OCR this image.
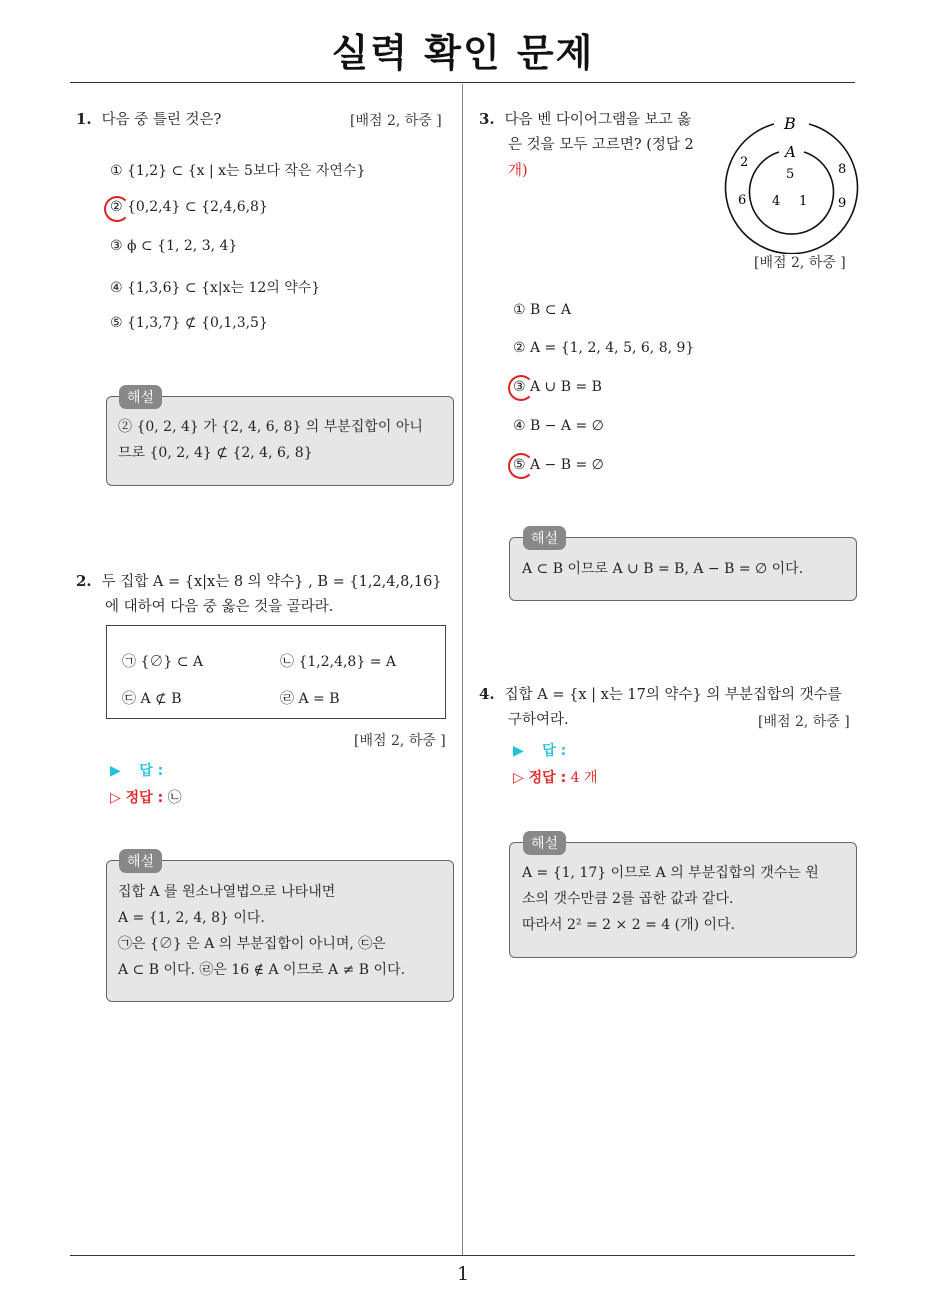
실력 확인 문제
1. 다음 중 틀린 것은?	[배점 2, 하중 ]
① {1,2} ⊂ {x | x는 5보다 작은 자연수}
② {0,2,4} ⊂ {2,4,6,8}
③ ϕ ⊂ {1, 2, 3, 4}
④ {1,3,6} ⊂ {x|x는 12의 약수}
⑤ {1,3,7} ⊄ {0,1,3,5}
해설
② {0, 2, 4} 가 {2, 4, 6, 8} 의 부분집합이 아니
므로 {0, 2, 4} ⊄ {2, 4, 6, 8}
2. 두 집합 A = {x|x는 8 의 약수} , B = {1,2,4,8,16}
에 대하여 다음 중 옳은 것을 골라라.
㉠ {∅} ⊂ A	㉡ {1,2,4,8} = A
㉢ A ⊄ B	㉣ A = B
[배점 2, 하중 ]
▶ 답 :
▷ 정답 : ㉡
해설
집합 A 를 원소나열법으로 나타내면
A = {1, 2, 4, 8} 이다.
㉠은 {∅} 은 A 의 부분집합이 아니며, ㉢은
A ⊂ B 이다. ㉣은 16 ∉ A 이므로 A ≠ B 이다.
3. 다음 벤 다이어그램을 보고 옳
은 것을 모두 고르면? (정답 2
개)
B
A
5
4 1
2
6
8
9
[배점 2, 하중 ]
① B ⊂ A
② A = {1, 2, 4, 5, 6, 8, 9}
③ A ∪ B = B
④ B − A = ∅
⑤ A − B = ∅
해설
A ⊂ B 이므로 A ∪ B = B, A − B = ∅ 이다.
4. 집합 A = {x | x는 17의 약수} 의 부분집합의 갯수를
구하여라.	[배점 2, 하중 ]
▶ 답 :
▷ 정답 : 4 개
해설
A = {1, 17} 이므로 A 의 부분집합의 갯수는 원
소의 갯수만큼 2를 곱한 값과 같다.
따라서 2² = 2 × 2 = 4 (개) 이다.
1
